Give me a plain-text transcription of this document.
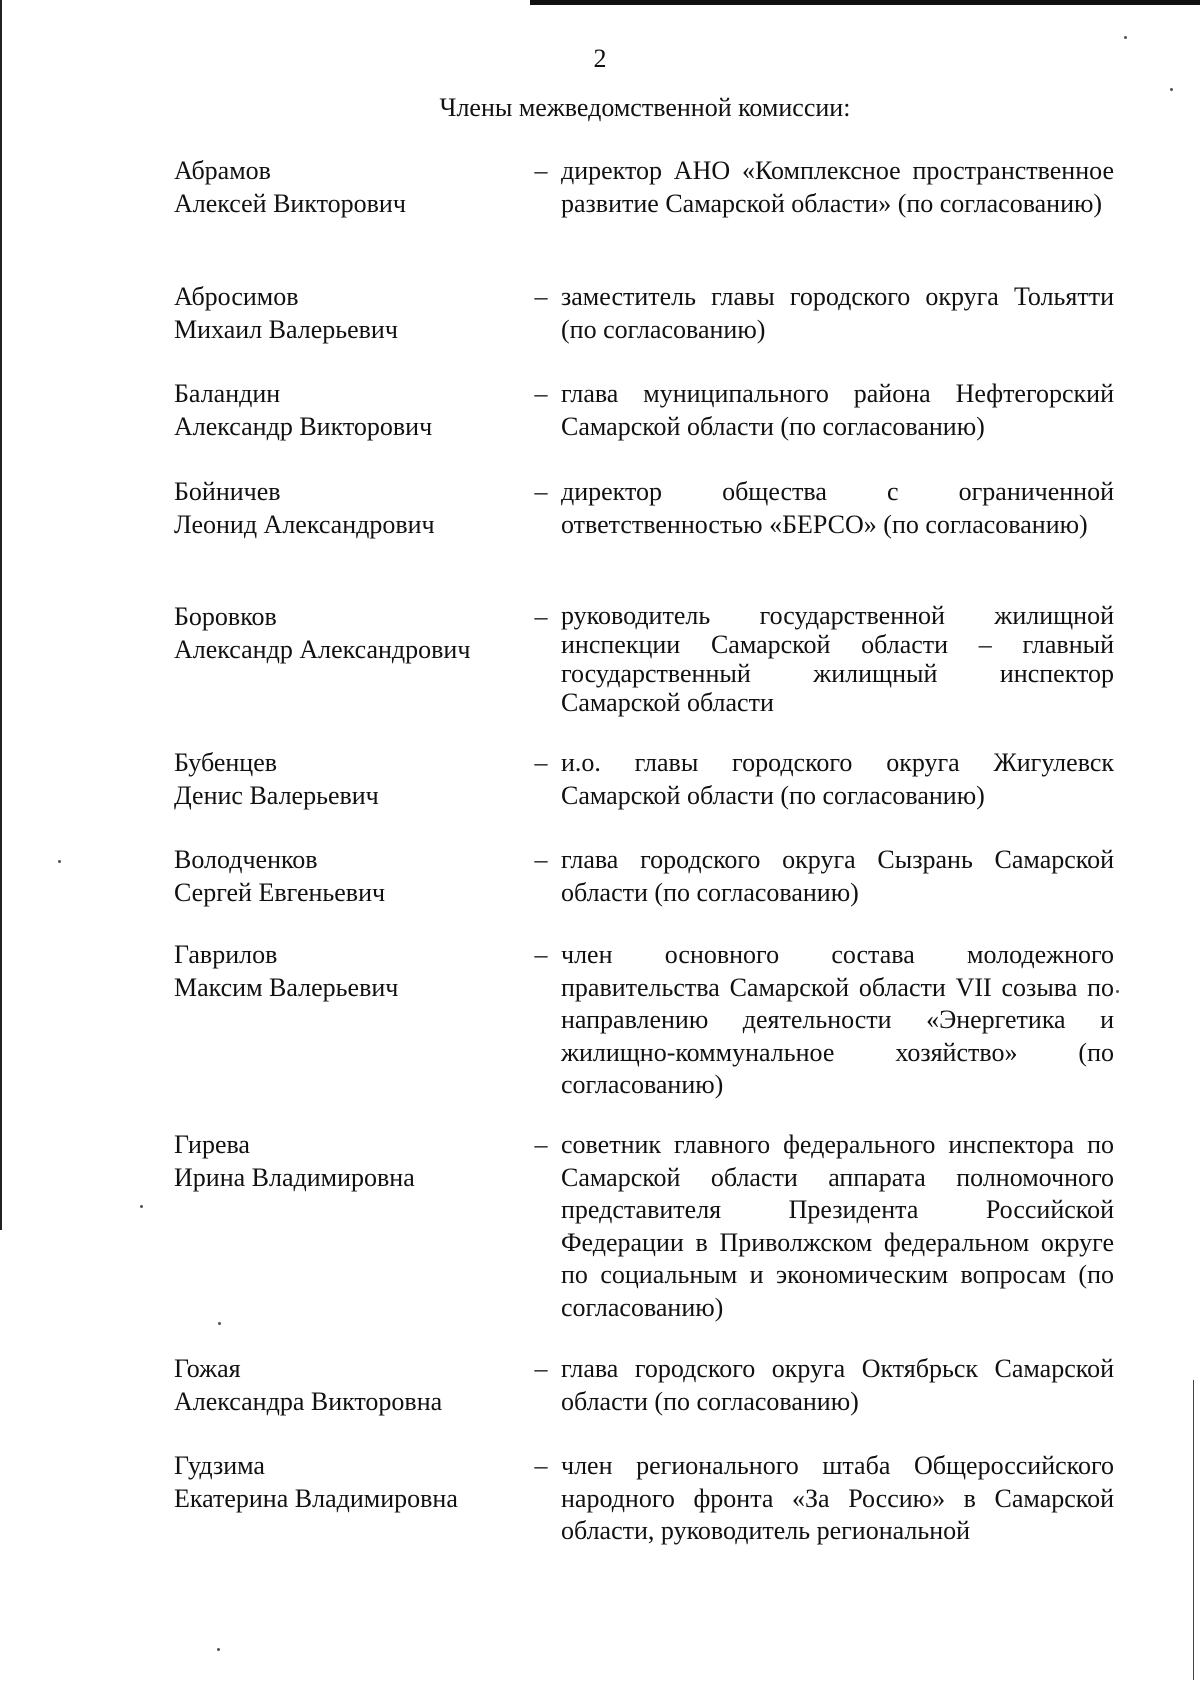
2
Члены межведомственной комиссии:
Абрамов
Алексей Викторович
– директор АНО «Комплексное пространственное развитие Самарской области» (по согласованию)
Абросимов
Михаил Валерьевич
– заместитель главы городского округа Тольятти (по согласованию)
Баландин
Александр Викторович
– глава муниципального района Нефтегорский Самарской области (по согласованию)
Бойничев
Леонид Александрович
– директор общества с ограниченной ответственностью «БЕРСО» (по согласованию)
Боровков
Александр Александрович
– руководитель государственной жилищной инспекции Самарской области – главный государственный жилищный инспектор Самарской области
Бубенцев
Денис Валерьевич
– и.о. главы городского округа Жигулевск Самарской области (по согласованию)
Володченков
Сергей Евгеньевич
– глава городского округа Сызрань Самарской области (по согласованию)
Гаврилов
Максим Валерьевич
– член основного состава молодежного правительства Самарской области VII созыва по направлению деятельности «Энергетика и жилищно-коммунальное хозяйство» (по согласованию)
Гирева
Ирина Владимировна
– советник главного федерального инспектора по Самарской области аппарата полномочного представителя Президента Российской Федерации в Приволжском федеральном округе по социальным и экономическим вопросам (по согласованию)
Гожая
Александра Викторовна
– глава городского округа Октябрьск Самарской области (по согласованию)
Гудзима
Екатерина Владимировна
– член регионального штаба Общероссийского народного фронта «За Россию» в Самарской области, руководитель региональной
